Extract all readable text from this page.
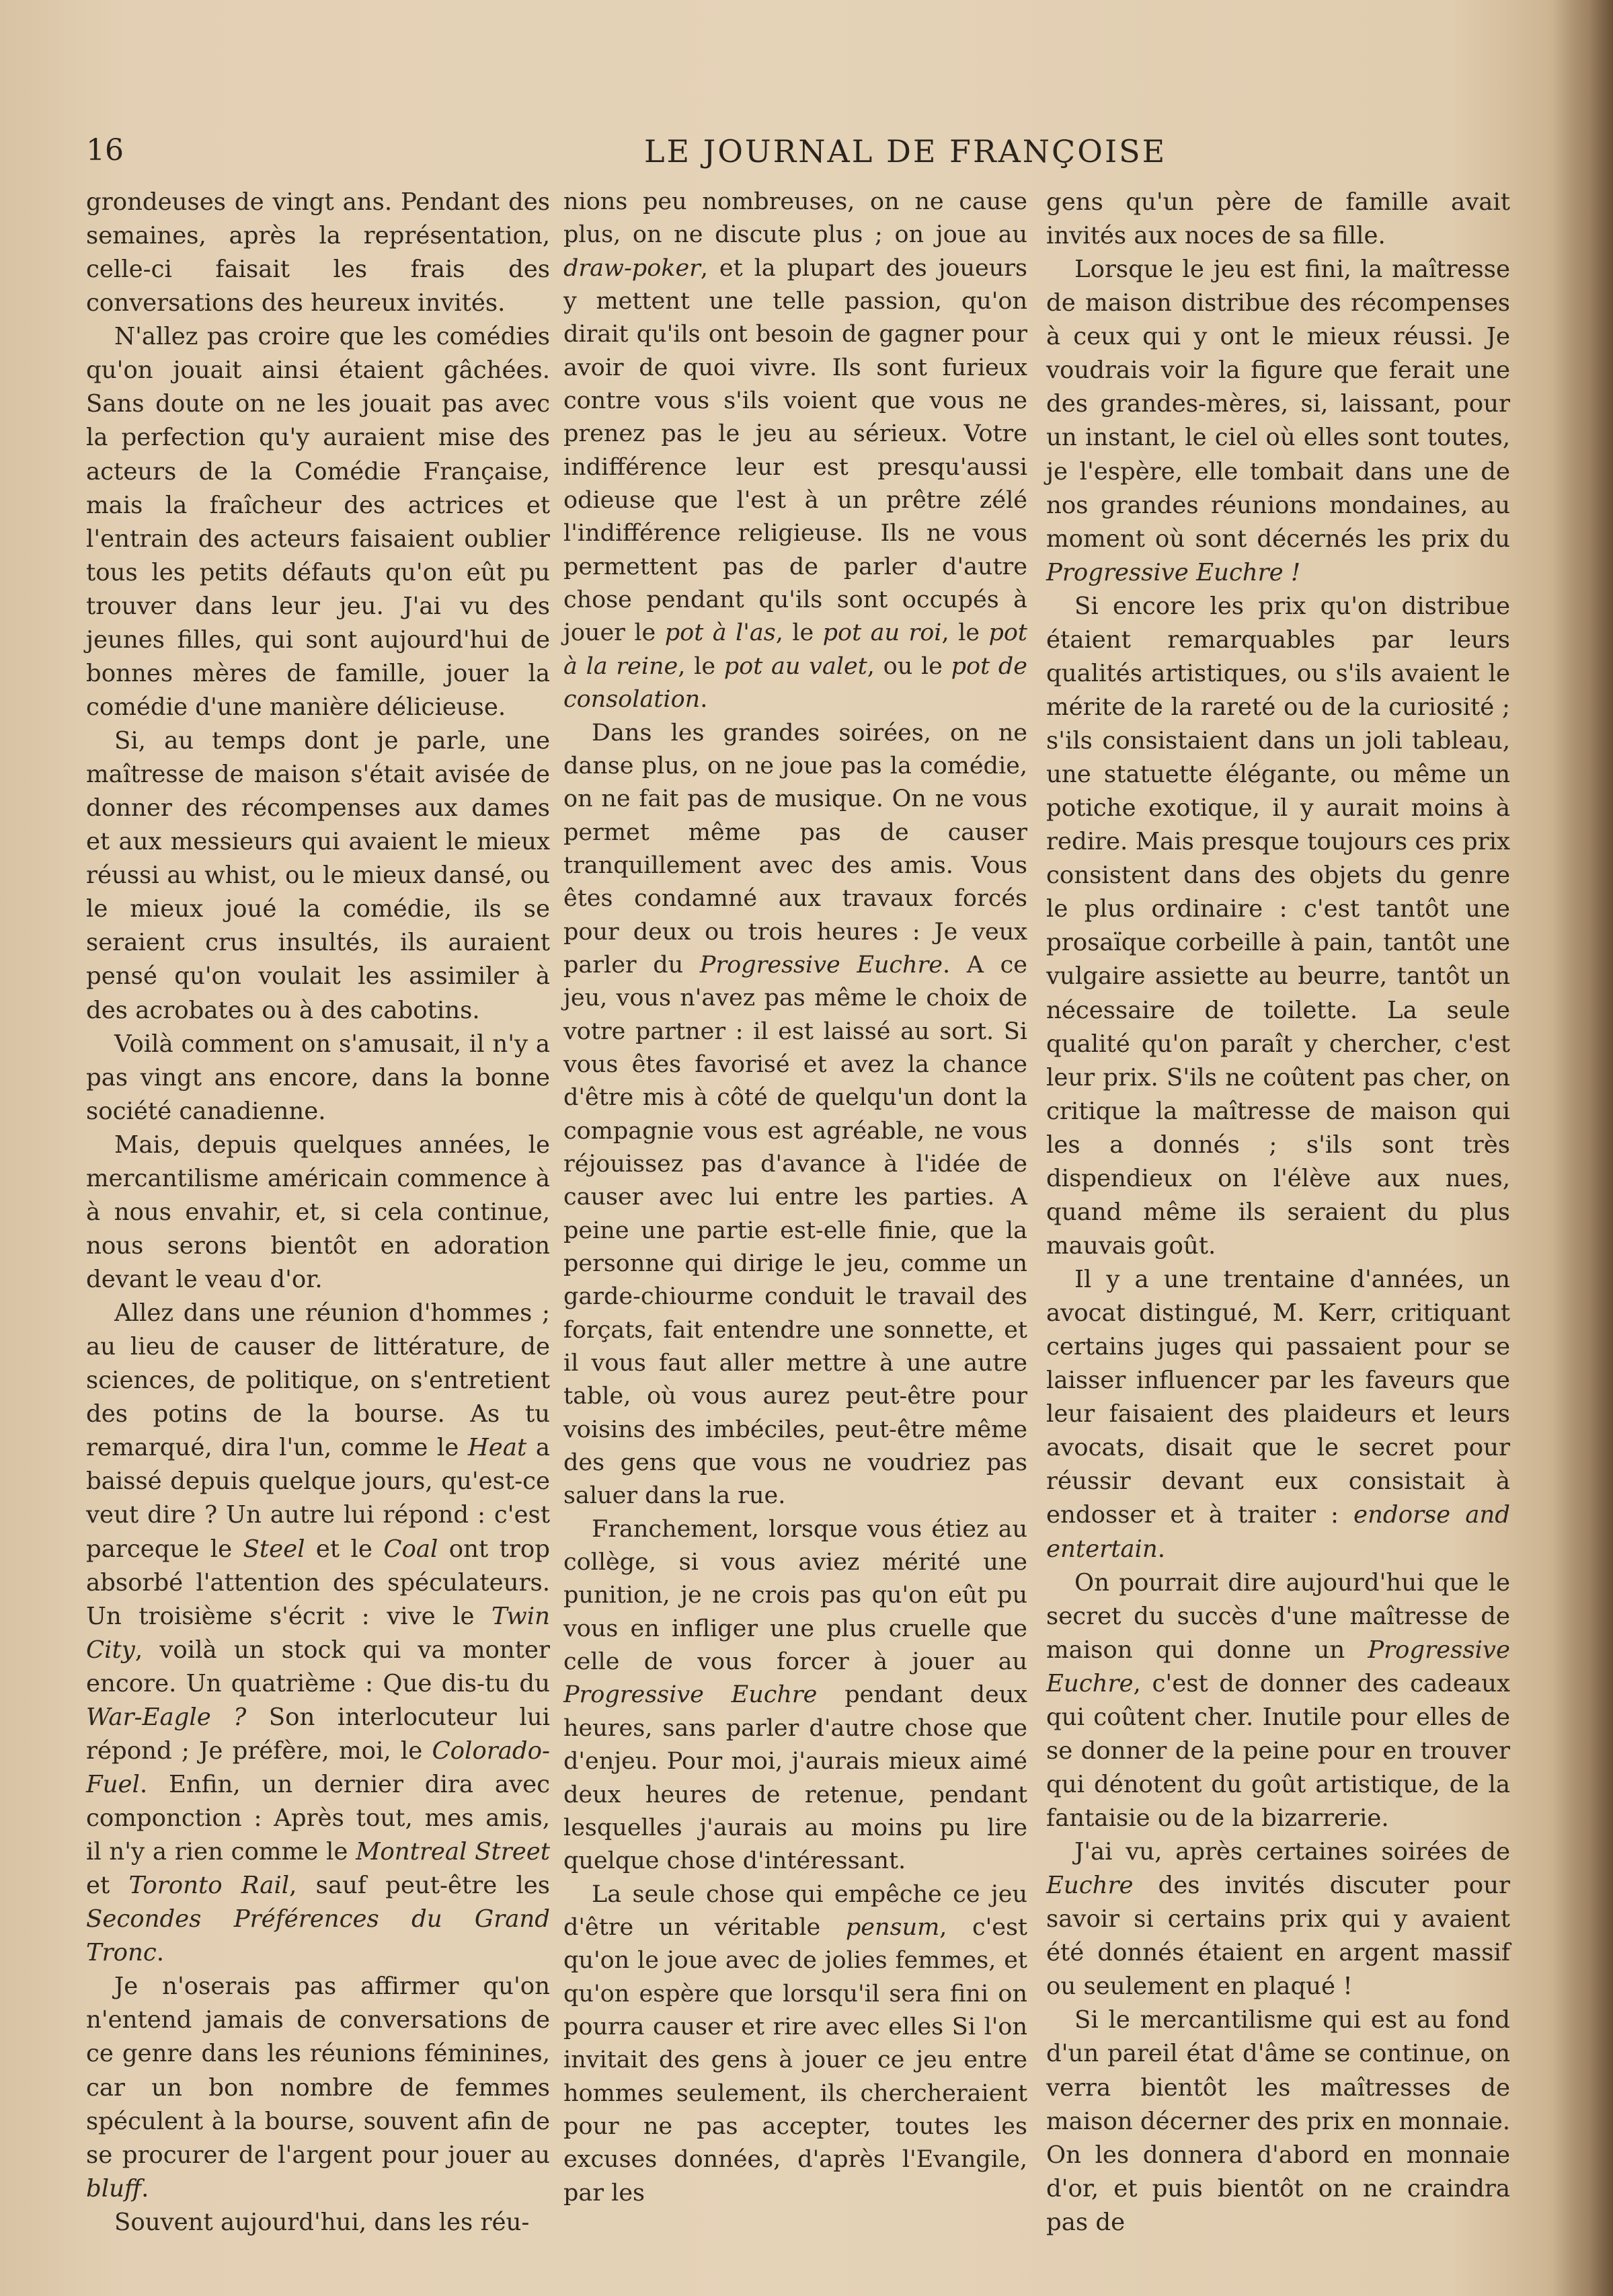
16	LE JOURNAL DE FRANÇOISE

grondeuses de vingt ans. Pendant des semaines, après la représentation, celle-ci faisait les frais des conversations des heureux invités.

N'allez pas croire que les comédies qu'on jouait ainsi étaient gâchées. Sans doute on ne les jouait pas avec la perfection qu'y auraient mise des acteurs de la Comédie Française, mais la fraîcheur des actrices et l'entrain des acteurs faisaient oublier tous les petits défauts qu'on eût pu trouver dans leur jeu. J'ai vu des jeunes filles, qui sont aujourd'hui de bonnes mères de famille, jouer la comédie d'une manière délicieuse.

Si, au temps dont je parle, une maîtresse de maison s'était avisée de donner des récompenses aux dames et aux messieurs qui avaient le mieux réussi au whist, ou le mieux dansé, ou le mieux joué la comédie, ils se seraient crus insultés, ils auraient pensé qu'on voulait les assimiler à des acrobates ou à des cabotins.

Voilà comment on s'amusait, il n'y a pas vingt ans encore, dans la bonne société canadienne.

Mais, depuis quelques années, le mercantilisme américain commence à à nous envahir, et, si cela continue, nous serons bientôt en adoration devant le veau d'or.

Allez dans une réunion d'hommes ; au lieu de causer de littérature, de sciences, de politique, on s'entretient des potins de la bourse. As tu remarqué, dira l'un, comme le Heat a baissé depuis quelque jours, qu'est-ce veut dire ? Un autre lui répond : c'est parceque le Steel et le Coal ont trop absorbé l'attention des spéculateurs. Un troisième s'écrit : vive le Twin City, voilà un stock qui va monter encore. Un quatrième : Que dis-tu du War-Eagle ? Son interlocuteur lui répond ; Je préfère, moi, le Colorado-Fuel. Enfin, un dernier dira avec componction : Après tout, mes amis, il n'y a rien comme le Montreal Street et Toronto Rail, sauf peut-être les Secondes Préférences du Grand Tronc.

Je n'oserais pas affirmer qu'on n'entend jamais de conversations de ce genre dans les réunions féminines, car un bon nombre de femmes spéculent à la bourse, souvent afin de se procurer de l'argent pour jouer au bluff.

Souvent aujourd'hui, dans les réu-

nions peu nombreuses, on ne cause plus, on ne discute plus ; on joue au draw-poker, et la plupart des joueurs y mettent une telle passion, qu'on dirait qu'ils ont besoin de gagner pour avoir de quoi vivre. Ils sont furieux contre vous s'ils voient que vous ne prenez pas le jeu au sérieux. Votre indifférence leur est presqu'aussi odieuse que l'est à un prêtre zélé l'indifférence religieuse. Ils ne vous permettent pas de parler d'autre chose pendant qu'ils sont occupés à jouer le pot à l'as, le pot au roi, le pot à la reine, le pot au valet, ou le pot de consolation.

Dans les grandes soirées, on ne danse plus, on ne joue pas la comédie, on ne fait pas de musique. On ne vous permet même pas de causer tranquillement avec des amis. Vous êtes condamné aux travaux forcés pour deux ou trois heures : Je veux parler du Progressive Euchre. A ce jeu, vous n'avez pas même le choix de votre partner : il est laissé au sort. Si vous êtes favorisé et avez la chance d'être mis à côté de quelqu'un dont la compagnie vous est agréable, ne vous réjouissez pas d'avance à l'idée de causer avec lui entre les parties. A peine une partie est-elle finie, que la personne qui dirige le jeu, comme un garde-chiourme conduit le travail des forçats, fait entendre une sonnette, et il vous faut aller mettre à une autre table, où vous aurez peut-être pour voisins des imbéciles, peut-être même des gens que vous ne voudriez pas saluer dans la rue.

Franchement, lorsque vous étiez au collège, si vous aviez mérité une punition, je ne crois pas qu'on eût pu vous en infliger une plus cruelle que celle de vous forcer à jouer au Progressive Euchre pendant deux heures, sans parler d'autre chose que d'enjeu. Pour moi, j'aurais mieux aimé deux heures de retenue, pendant lesquelles j'aurais au moins pu lire quelque chose d'intéressant.

La seule chose qui empêche ce jeu d'être un véritable pensum, c'est qu'on le joue avec de jolies femmes, et qu'on espère que lorsqu'il sera fini on pourra causer et rire avec elles Si l'on invitait des gens à jouer ce jeu entre hommes seulement, ils chercheraient pour ne pas accepter, toutes les excuses données, d'après l'Evangile, par les

gens qu'un père de famille avait invités aux noces de sa fille.

Lorsque le jeu est fini, la maîtresse de maison distribue des récompenses à ceux qui y ont le mieux réussi. Je voudrais voir la figure que ferait une des grandes-mères, si, laissant, pour un instant, le ciel où elles sont toutes, je l'espère, elle tombait dans une de nos grandes réunions mondaines, au moment où sont décernés les prix du Progressive Euchre !

Si encore les prix qu'on distribue étaient remarquables par leurs qualités artistiques, ou s'ils avaient le mérite de la rareté ou de la curiosité ; s'ils consistaient dans un joli tableau, une statuette élégante, ou même un potiche exotique, il y aurait moins à redire. Mais presque toujours ces prix consistent dans des objets du genre le plus ordinaire : c'est tantôt une prosaïque corbeille à pain, tantôt une vulgaire assiette au beurre, tantôt un nécessaire de toilette. La seule qualité qu'on paraît y chercher, c'est leur prix. S'ils ne coûtent pas cher, on critique la maîtresse de maison qui les a donnés ; s'ils sont très dispendieux on l'élève aux nues, quand même ils seraient du plus mauvais goût.

Il y a une trentaine d'années, un avocat distingué, M. Kerr, critiquant certains juges qui passaient pour se laisser influencer par les faveurs que leur faisaient des plaideurs et leurs avocats, disait que le secret pour réussir devant eux consistait à endosser et à traiter : endorse and entertain.

On pourrait dire aujourd'hui que le secret du succès d'une maîtresse de maison qui donne un Progressive Euchre, c'est de donner des cadeaux qui coûtent cher. Inutile pour elles de se donner de la peine pour en trouver qui dénotent du goût artistique, de la fantaisie ou de la bizarrerie.

J'ai vu, après certaines soirées de Euchre des invités discuter pour savoir si certains prix qui y avaient été donnés étaient en argent massif ou seulement en plaqué !

Si le mercantilisme qui est au fond d'un pareil état d'âme se continue, on verra bientôt les maîtresses de maison décerner des prix en monnaie. On les donnera d'abord en monnaie d'or, et puis bientôt on ne craindra pas de
